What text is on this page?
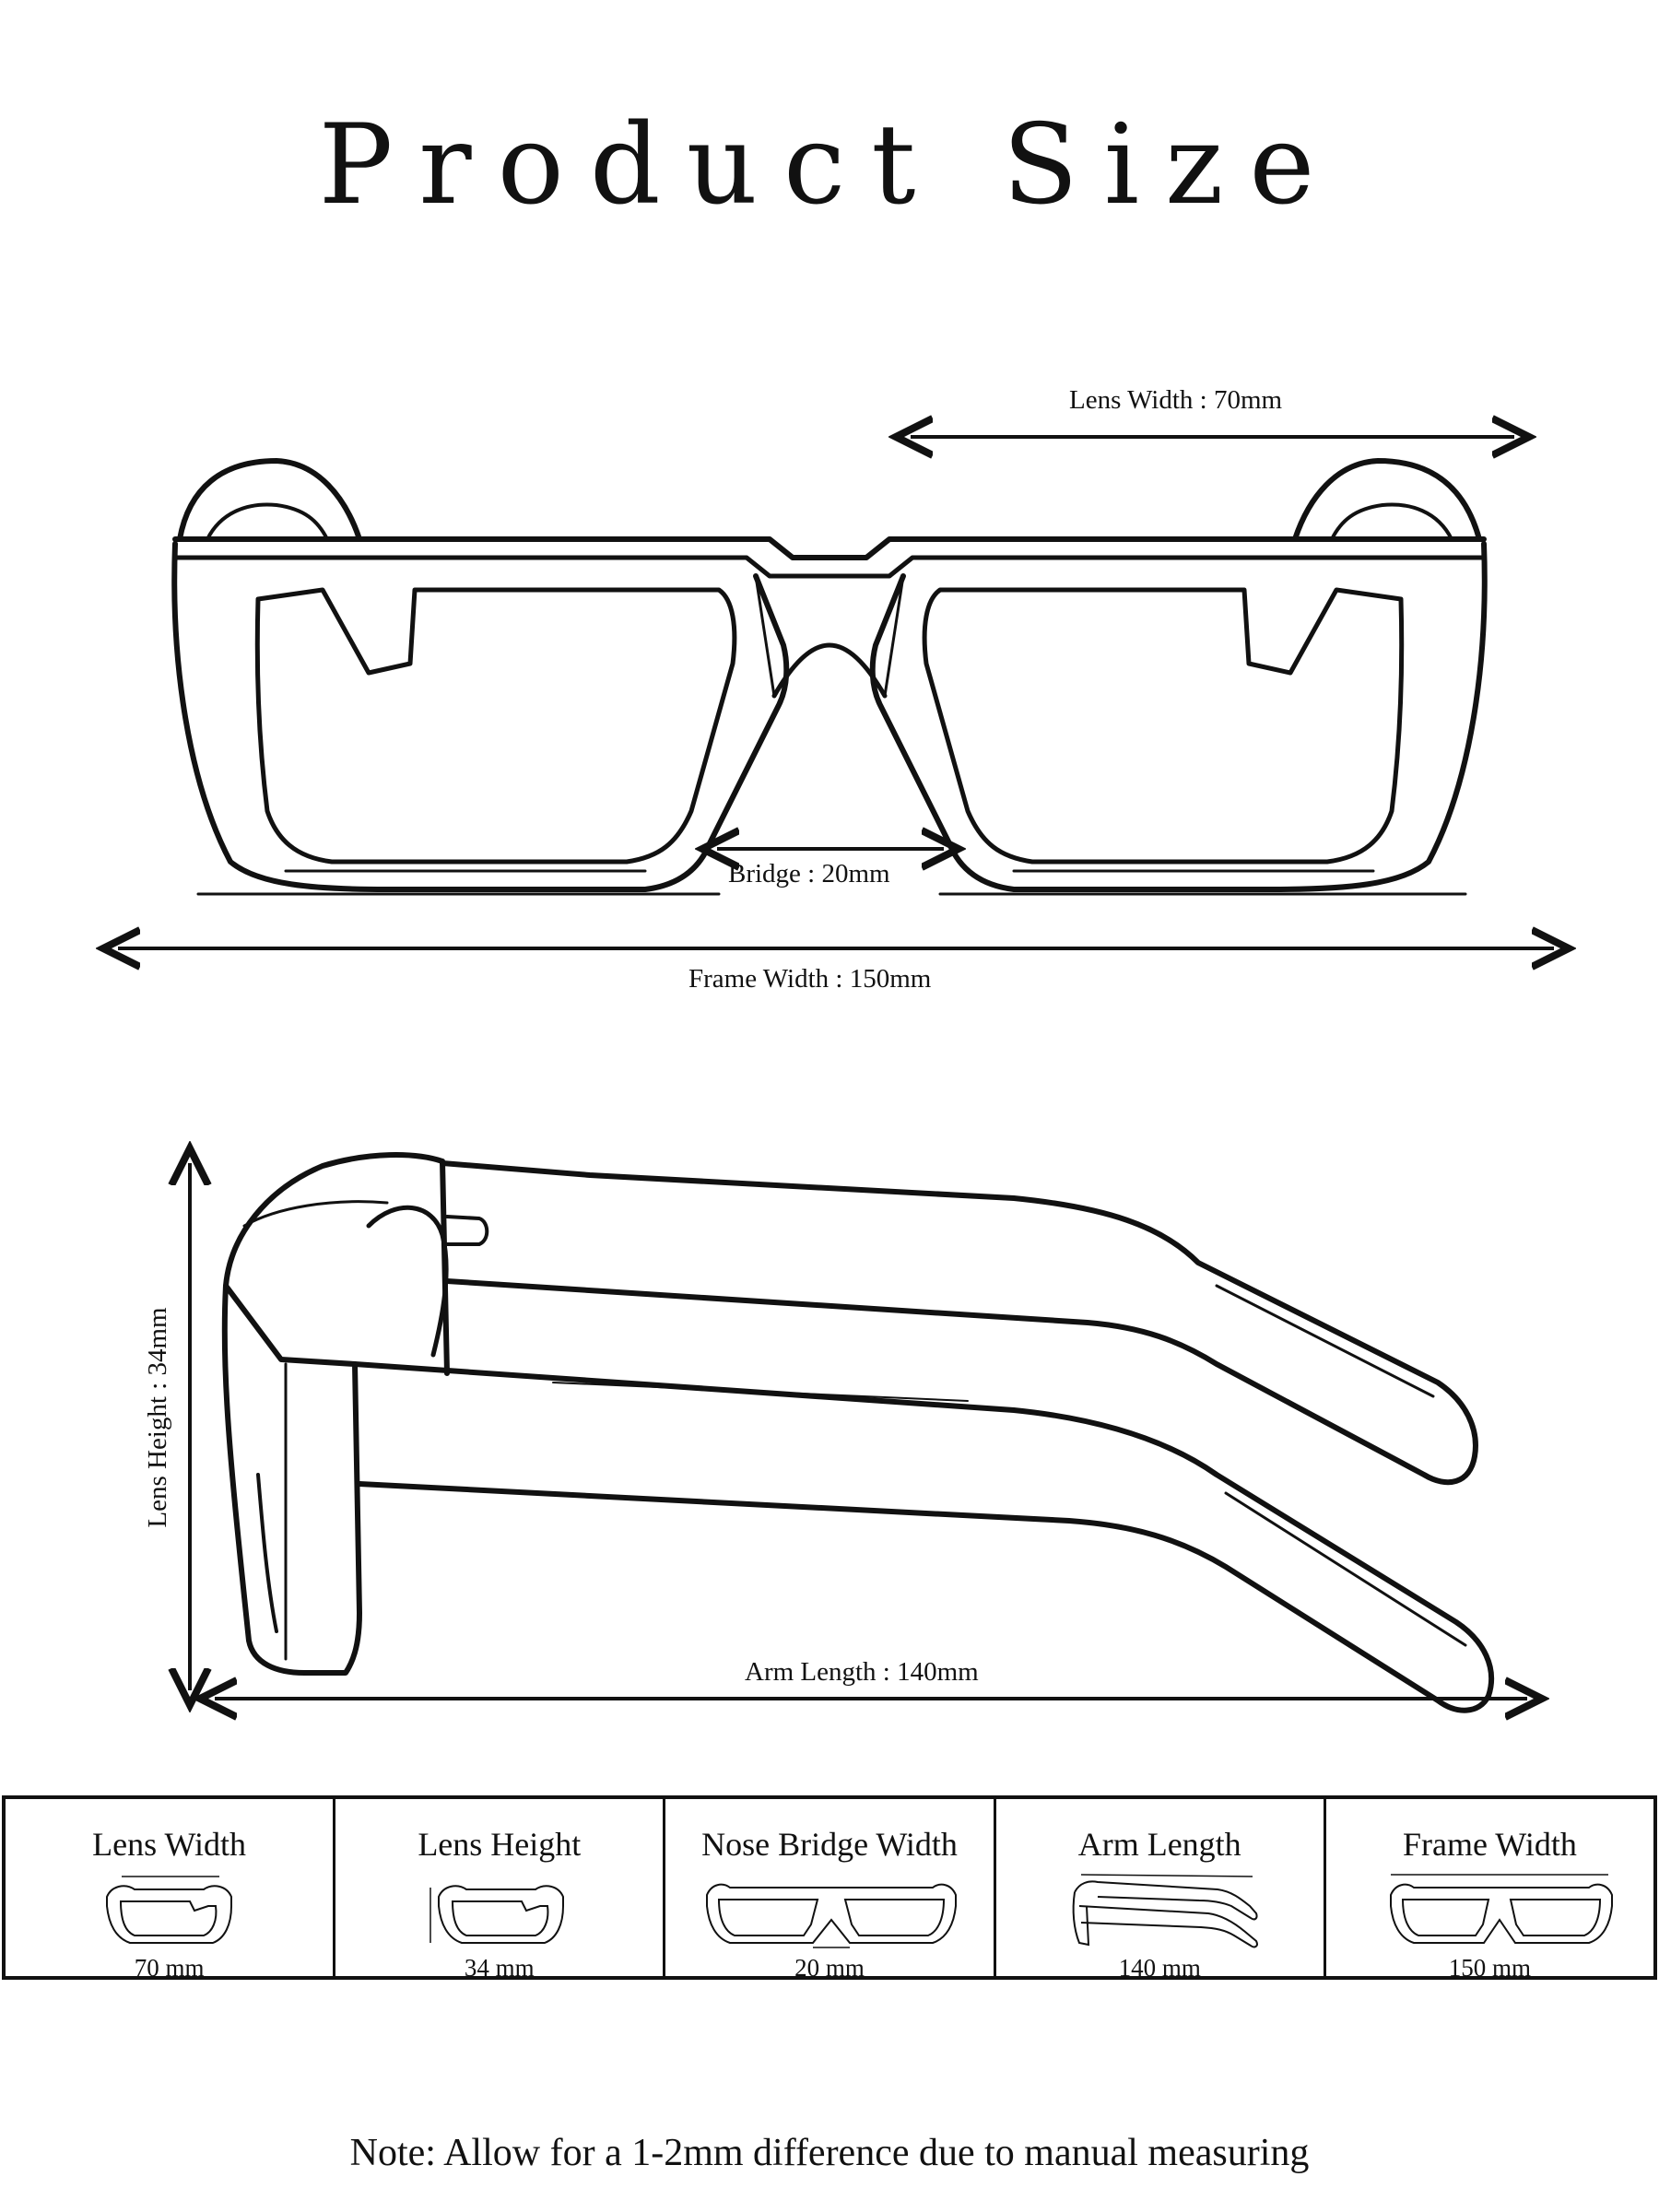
Product Size
Lens Width : 70mm
Bridge : 20mm
Frame Width : 150mm
Lens Height : 34mm
Arm Length : 140mm
Lens Width
70 mm
Lens Height
34 mm
Nose Bridge Width
20 mm
Arm Length
140 mm
Frame Width
150 mm
Note: Allow for a 1-2mm difference due to manual measuring
